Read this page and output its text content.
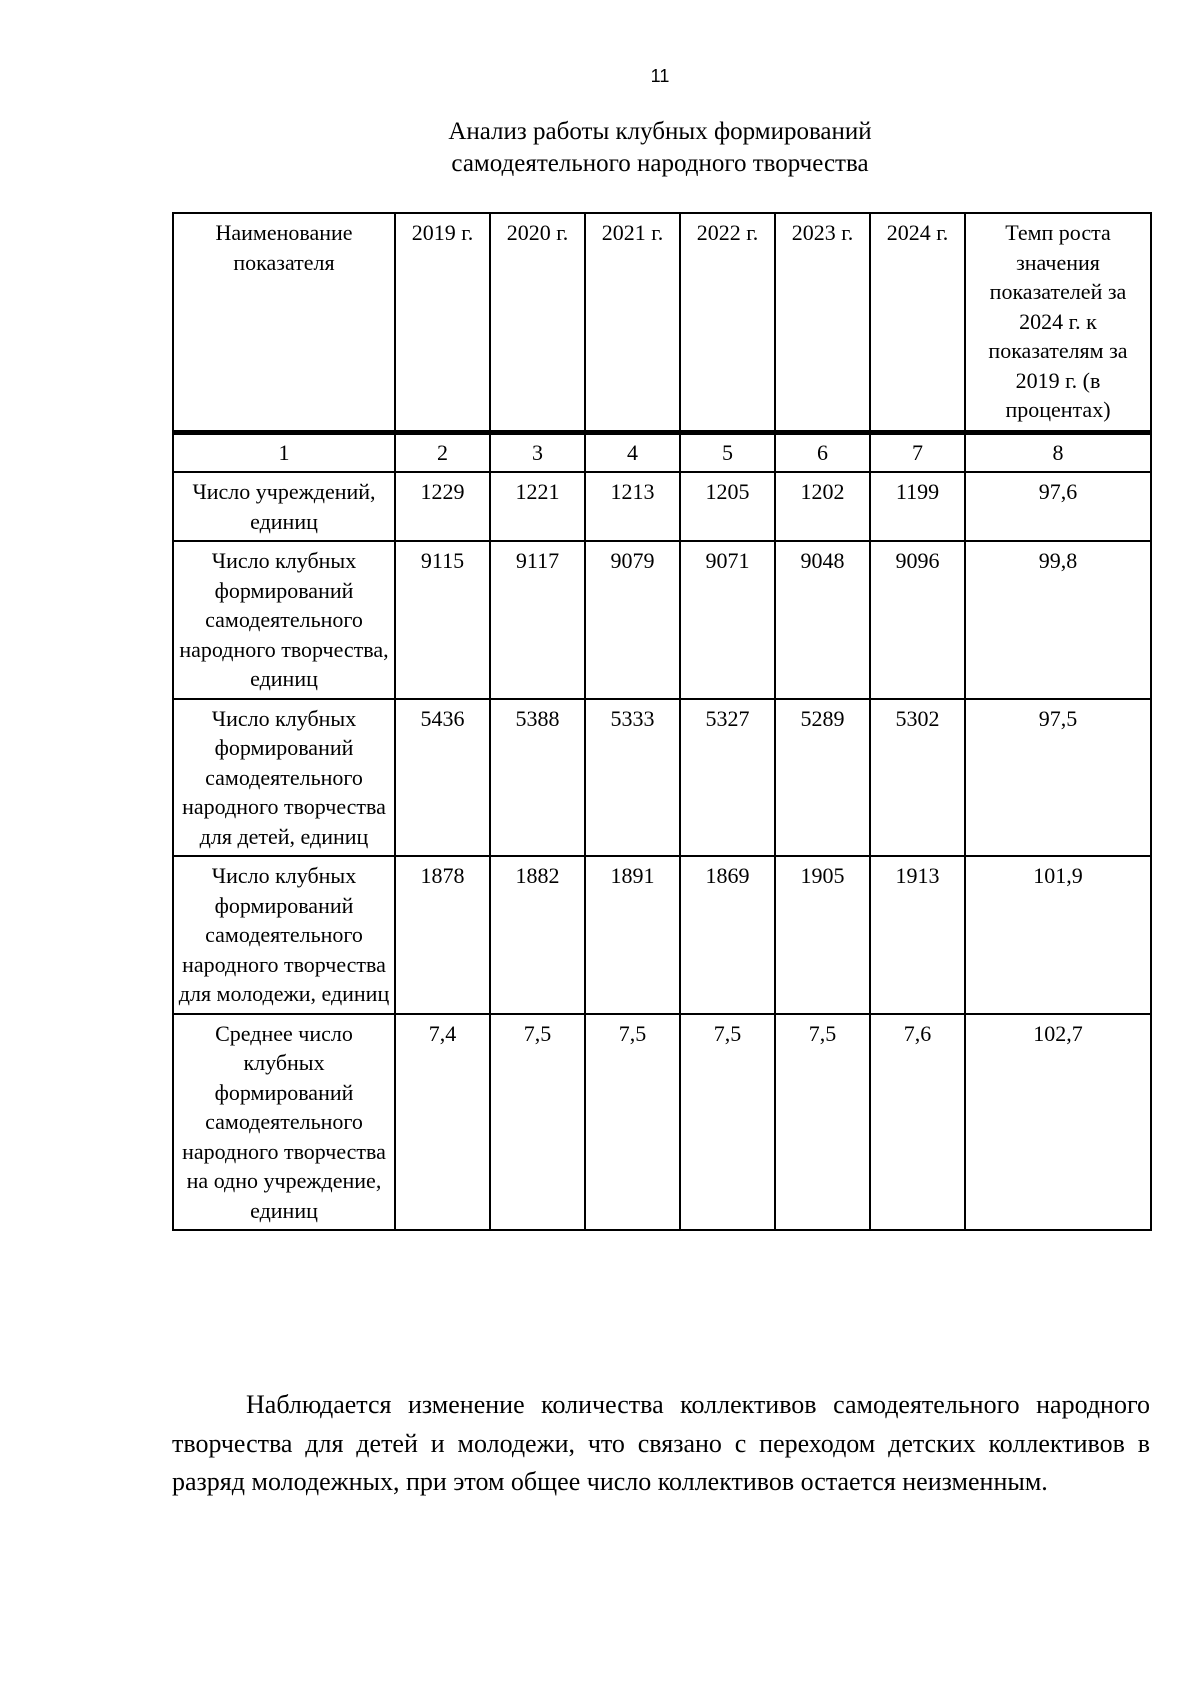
11
Анализ работы клубных формирований
самодеятельного народного творчества
Наименование показателя	2019 г.	2020 г.	2021 г.	2022 г.	2023 г.	2024 г.	Темп роста значения показателей за 2024 г. к показателям за 2019 г. (в процентах)
1	2	3	4	5	6	7	8
Число учреждений, единиц	1229	1221	1213	1205	1202	1199	97,6
Число клубных формирований самодеятельного народного творчества, единиц	9115	9117	9079	9071	9048	9096	99,8
Число клубных формирований самодеятельного народного творчества для детей, единиц	5436	5388	5333	5327	5289	5302	97,5
Число клубных формирований самодеятельного народного творчества для молодежи, единиц	1878	1882	1891	1869	1905	1913	101,9
Среднее число клубных формирований самодеятельного народного творчества на одно учреждение, единиц	7,4	7,5	7,5	7,5	7,5	7,6	102,7
Наблюдается изменение количества коллективов самодеятельного народного творчества для детей и молодежи, что связано с переходом детских коллективов в разряд молодежных, при этом общее число коллективов остается неизменным.
